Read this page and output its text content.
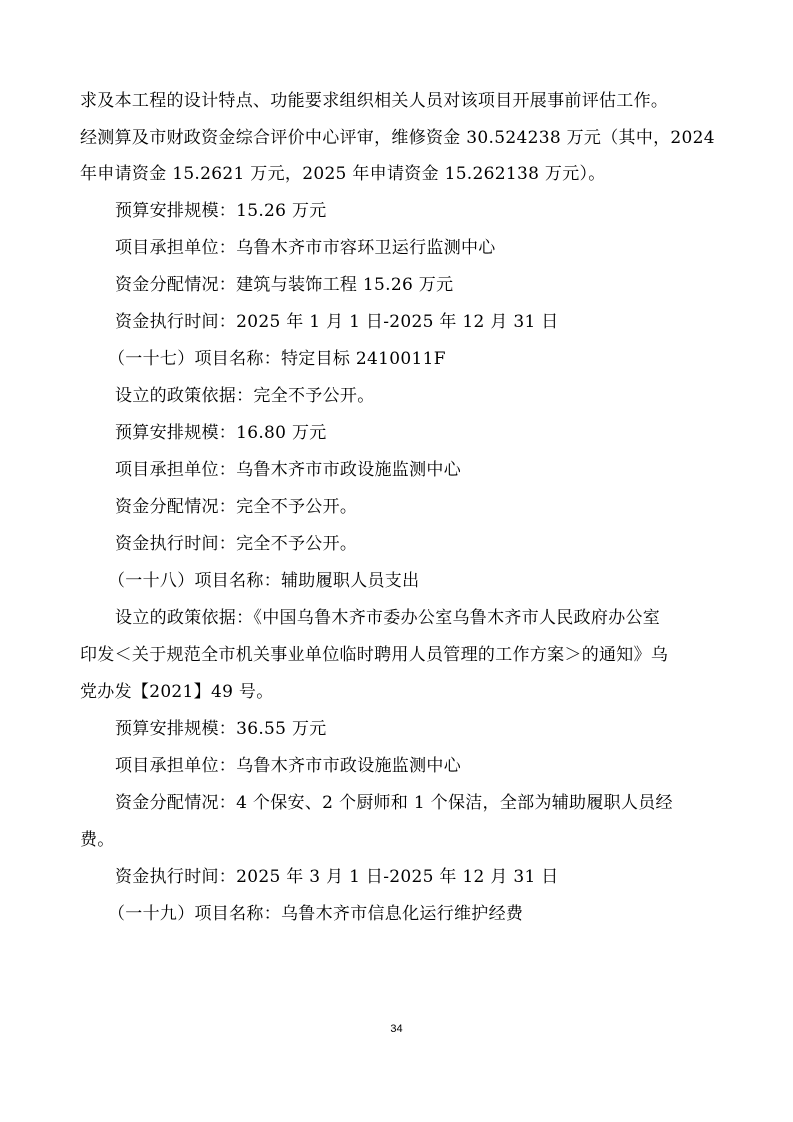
求及本工程的设计特点、功能要求组织相关人员对该项目开展事前评估工作。
经测算及市财政资金综合评价中心评审，维修资金 30.524238 万元（其中，2024
年申请资金 15.2621 万元，2025 年申请资金 15.262138 万元）。
预算安排规模：15.26 万元
项目承担单位：乌鲁木齐市市容环卫运行监测中心
资金分配情况：建筑与装饰工程 15.26 万元
资金执行时间：2025 年 1 月 1 日-2025 年 12 月 31 日
（一十七）项目名称：特定目标 2410011F
设立的政策依据：完全不予公开。
预算安排规模：16.80 万元
项目承担单位：乌鲁木齐市市政设施监测中心
资金分配情况：完全不予公开。
资金执行时间：完全不予公开。
（一十八）项目名称：辅助履职人员支出
设立的政策依据：《中国乌鲁木齐市委办公室乌鲁木齐市人民政府办公室
印发＜关于规范全市机关事业单位临时聘用人员管理的工作方案＞的通知》乌
党办发【2021】49 号。
预算安排规模：36.55 万元
项目承担单位：乌鲁木齐市市政设施监测中心
资金分配情况：4 个保安、2 个厨师和 1 个保洁，全部为辅助履职人员经
费。
资金执行时间：2025 年 3 月 1 日-2025 年 12 月 31 日
（一十九）项目名称：乌鲁木齐市信息化运行维护经费
34
